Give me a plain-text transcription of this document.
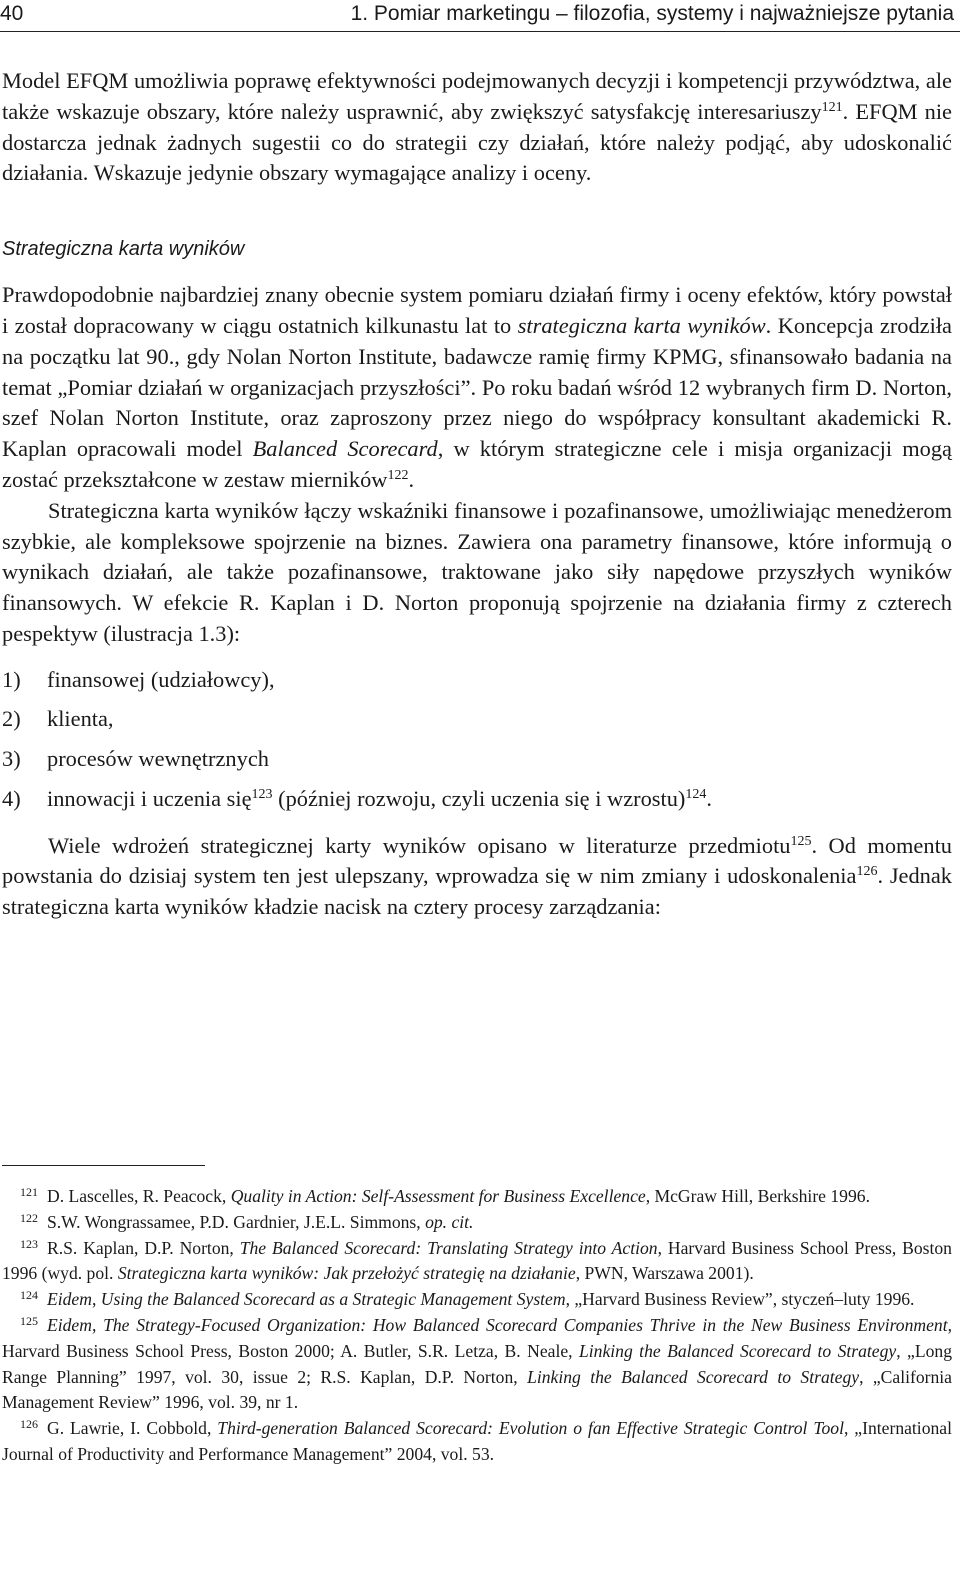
40	1. Pomiar marketingu – filozofia, systemy i najważniejsze pytania

Model EFQM umożliwia poprawę efektywności podejmowanych decyzji i kompetencji przywództwa, ale także wskazuje obszary, które należy usprawnić, aby zwiększyć satysfakcję interesariuszy$^{121}$. EFQM nie dostarcza jednak żadnych sugestii co do strategii czy działań, które należy podjąć, aby udoskonalić działania. Wskazuje jedynie obszary wymagające analizy i oceny.

Strategiczna karta wyników

Prawdopodobnie najbardziej znany obecnie system pomiaru działań firmy i oceny efektów, który powstał i został dopracowany w ciągu ostatnich kilkunastu lat to strategiczna karta wyników. Koncepcja zrodziła na początku lat 90., gdy Nolan Norton Institute, badawcze ramię firmy KPMG, sfinansowało badania na temat „Pomiar działań w organizacjach przyszłości”. Po roku badań wśród 12 wybranych firm D. Norton, szef Nolan Norton Institute, oraz zaproszony przez niego do współpracy konsultant akademicki R. Kaplan opracowali model Balanced Scorecard, w którym strategiczne cele i misja organizacji mogą zostać przekształcone w zestaw mierników$^{122}$.

Strategiczna karta wyników łączy wskaźniki finansowe i pozafinansowe, umożliwiając menedżerom szybkie, ale kompleksowe spojrzenie na biznes. Zawiera ona parametry finansowe, które informują o wynikach działań, ale także pozafinansowe, traktowane jako siły napędowe przyszłych wyników finansowych. W efekcie R. Kaplan i D. Norton proponują spojrzenie na działania firmy z czterech pespektyw (ilustracja 1.3):

1) finansowej (udziałowcy),
2) klienta,
3) procesów wewnętrznych
4) innowacji i uczenia się$^{123}$ (później rozwoju, czyli uczenia się i wzrostu)$^{124}$.

Wiele wdrożeń strategicznej karty wyników opisano w literaturze przedmiotu$^{125}$. Od momentu powstania do dzisiaj system ten jest ulepszany, wprowadza się w nim zmiany i udoskonalenia$^{126}$. Jednak strategiczna karta wyników kładzie nacisk na cztery procesy zarządzania:

$^{121}$ D. Lascelles, R. Peacock, Quality in Action: Self-Assessment for Business Excellence, McGraw Hill, Berkshire 1996.

$^{122}$ S.W. Wongrassamee, P.D. Gardnier, J.E.L. Simmons, op. cit.

$^{123}$ R.S. Kaplan, D.P. Norton, The Balanced Scorecard: Translating Strategy into Action, Harvard Business School Press, Boston 1996 (wyd. pol. Strategiczna karta wyników: Jak przełożyć strategię na działanie, PWN, Warszawa 2001).

$^{124}$ Eidem, Using the Balanced Scorecard as a Strategic Management System, „Harvard Business Review”, styczeń–luty 1996.

$^{125}$ Eidem, The Strategy-Focused Organization: How Balanced Scorecard Companies Thrive in the New Business Environment, Harvard Business School Press, Boston 2000; A. Butler, S.R. Letza, B. Neale, Linking the Balanced Scorecard to Strategy, „Long Range Planning” 1997, vol. 30, issue 2; R.S. Kaplan, D.P. Norton, Linking the Balanced Scorecard to Strategy, „California Management Review” 1996, vol. 39, nr 1.

$^{126}$ G. Lawrie, I. Cobbold, Third-generation Balanced Scorecard: Evolution o fan Effective Strategic Control Tool, „International Journal of Productivity and Performance Management” 2004, vol. 53.
